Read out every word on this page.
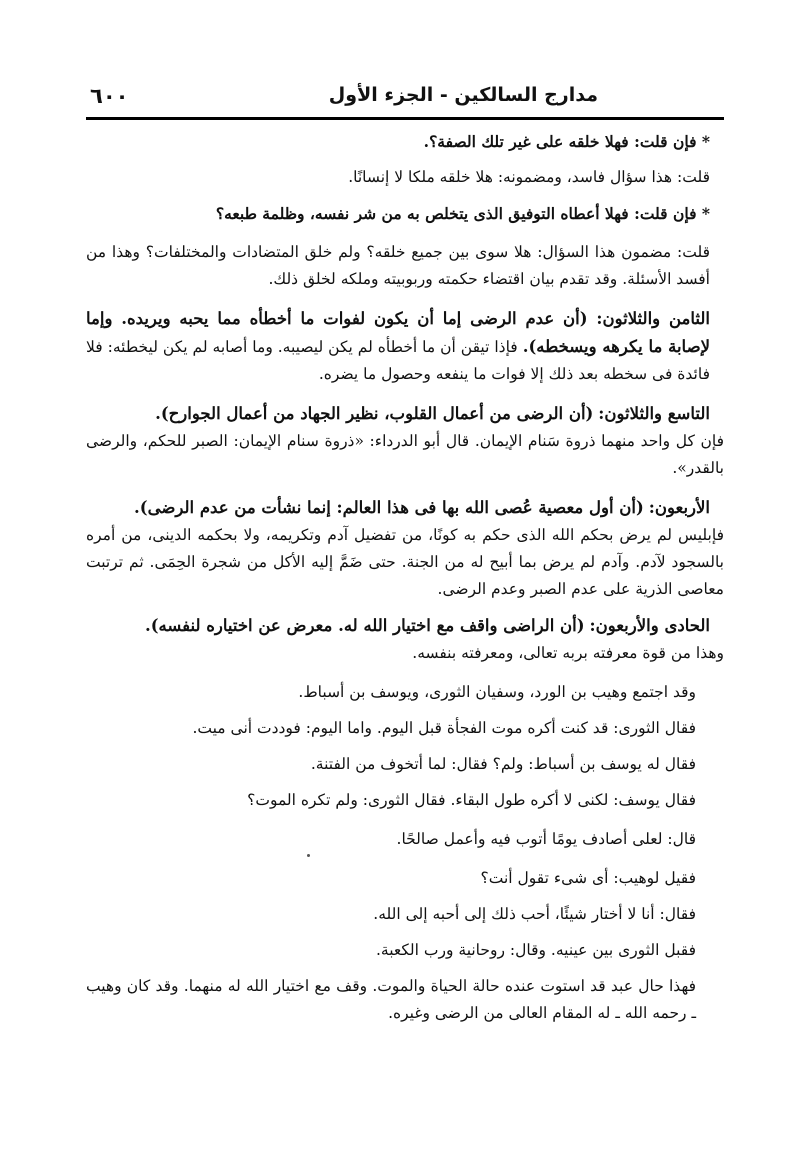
٦٠٠	مدارج السالكين - الجزء الأول

* فإن قلت: فهلا خلقه على غير تلك الصفة؟.

قلت: هذا سؤال فاسد، ومضمونه: هلا خلقه ملكا لا إنسانًا.

* فإن قلت: فهلا أعطاه التوفيق الذى يتخلص به من شر نفسه، وظلمة طبعه؟

قلت: مضمون هذا السؤال: هلا سوى بين جميع خلقه؟ ولم خلق المتضادات والمختلفات؟ وهذا من أفسد الأسئلة. وقد تقدم بيان اقتضاء حكمته وربوبيته وملكه لخلق ذلك.

الثامن والثلاثون: (أن عدم الرضى إما أن يكون لفوات ما أخطأه مما يحبه ويريده. وإما لإصابة ما يكرهه ويسخطه). فإذا تيقن أن ما أخطأه لم يكن ليصيبه. وما أصابه لم يكن ليخطئه: فلا فائدة فى سخطه بعد ذلك إلا فوات ما ينفعه وحصول ما يضره.

التاسع والثلاثون: (أن الرضى من أعمال القلوب، نظير الجهاد من أعمال الجوارح).

فإن كل واحد منهما ذروة سَنام الإيمان. قال أبو الدرداء: «ذروة سنام الإيمان: الصبر للحكم، والرضى بالقدر».

الأربعون: (أن أول معصية عُصى الله بها فى هذا العالم: إنما نشأت من عدم الرضى).

فإبليس لم يرض بحكم الله الذى حكم به كونًا، من تفضيل آدم وتكريمه، ولا بحكمه الدينى، من أمره بالسجود لآدم. وآدم لم يرض بما أبيح له من الجنة. حتى ضَمَّ إليه الأكل من شجرة الحِمَى. ثم ترتبت معاصى الذرية على عدم الصبر وعدم الرضى.

الحادى والأربعون: (أن الراضى واقف مع اختيار الله له. معرض عن اختياره لنفسه).

وهذا من قوة معرفته بربه تعالى، ومعرفته بنفسه.

وقد اجتمع وهيب بن الورد، وسفيان الثورى، ويوسف بن أسباط.

فقال الثورى: قد كنت أكره موت الفجأة قبل اليوم. واما اليوم: فوددت أنى ميت.

فقال له يوسف بن أسباط: ولم؟ فقال: لما أتخوف من الفتنة.

فقال يوسف: لكنى لا أكره طول البقاء. فقال الثورى: ولم تكره الموت؟

قال: لعلى أصادف يومًا أتوب فيه وأعمل صالحًا.

فقيل لوهيب: أى شىء تقول أنت؟

فقال: أنا لا أختار شيئًا، أحب ذلك إلى أحبه إلى الله.

فقبل الثورى بين عينيه. وقال: روحانية ورب الكعبة.

فهذا حال عبد قد استوت عنده حالة الحياة والموت. وقف مع اختيار الله له منهما. وقد كان وهيب ـ رحمه الله ـ له المقام العالى من الرضى وغيره.
